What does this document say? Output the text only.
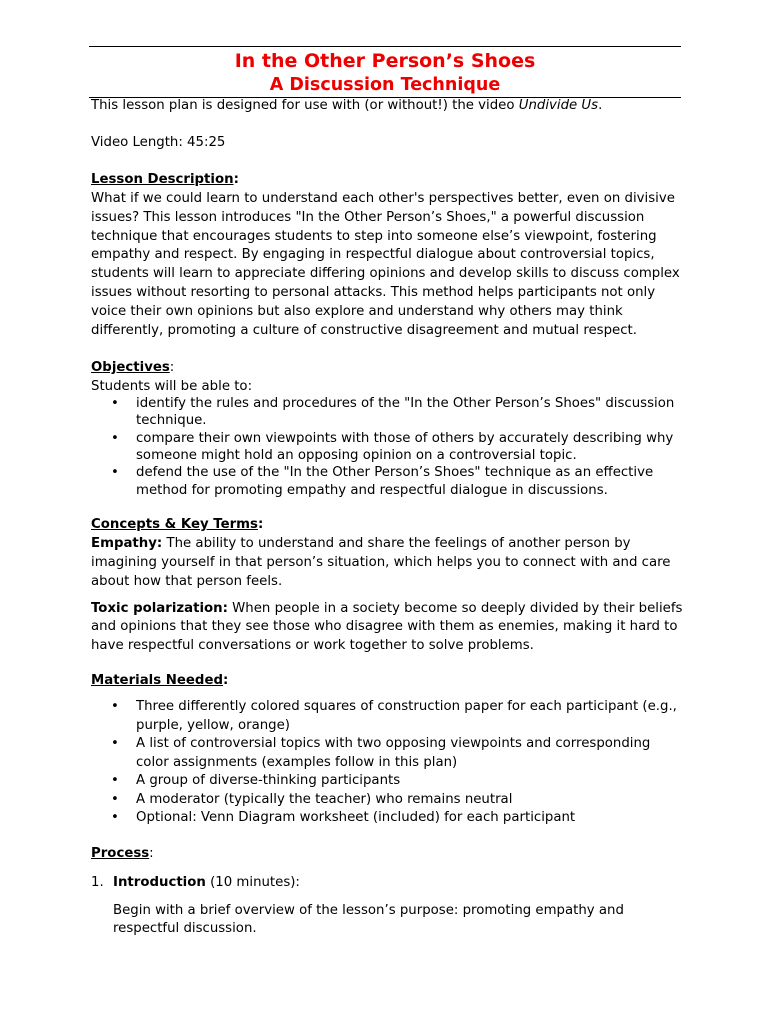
In the Other Person’s Shoes
A Discussion Technique

This lesson plan is designed for use with (or without!) the video Undivide Us.

Video Length: 45:25

Lesson Description:

What if we could learn to understand each other's perspectives better, even on divisive issues? This lesson introduces "In the Other Person’s Shoes," a powerful discussion technique that encourages students to step into someone else’s viewpoint, fostering empathy and respect. By engaging in respectful dialogue about controversial topics, students will learn to appreciate differing opinions and develop skills to discuss complex issues without resorting to personal attacks. This method helps participants not only voice their own opinions but also explore and understand why others may think differently, promoting a culture of constructive disagreement and mutual respect.

Objectives:

Students will be able to:

• identify the rules and procedures of the "In the Other Person’s Shoes" discussion technique.
• compare their own viewpoints with those of others by accurately describing why someone might hold an opposing opinion on a controversial topic.
• defend the use of the "In the Other Person’s Shoes" technique as an effective method for promoting empathy and respectful dialogue in discussions.

Concepts & Key Terms:

Empathy: The ability to understand and share the feelings of another person by imagining yourself in that person’s situation, which helps you to connect with and care about how that person feels.

Toxic polarization: When people in a society become so deeply divided by their beliefs and opinions that they see those who disagree with them as enemies, making it hard to have respectful conversations or work together to solve problems.

Materials Needed:

• Three differently colored squares of construction paper for each participant (e.g., purple, yellow, orange)
• A list of controversial topics with two opposing viewpoints and corresponding color assignments (examples follow in this plan)
• A group of diverse-thinking participants
• A moderator (typically the teacher) who remains neutral
• Optional: Venn Diagram worksheet (included) for each participant

Process:

1. Introduction (10 minutes):

Begin with a brief overview of the lesson’s purpose: promoting empathy and respectful discussion.
